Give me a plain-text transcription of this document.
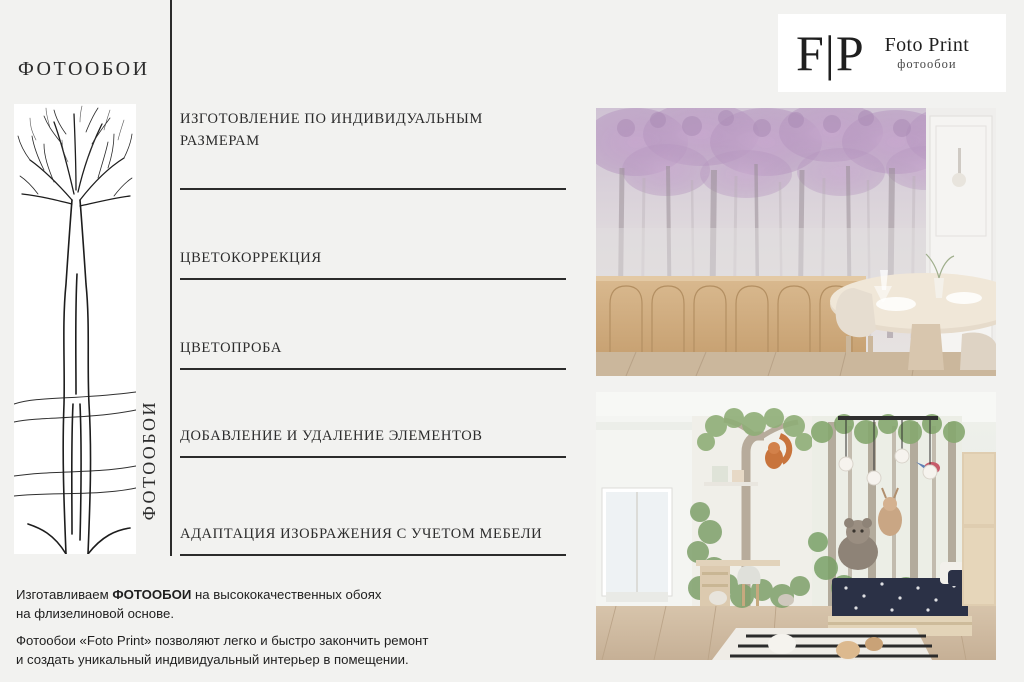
ФОТООБОИ
ФОТООБОИ
ИЗГОТОВЛЕНИЕ ПО ИНДИВИДУАЛЬНЫМ РАЗМЕРАМ
ЦВЕТОКОРРЕКЦИЯ
ЦВЕТОПРОБА
ДОБАВЛЕНИЕ И УДАЛЕНИЕ ЭЛЕМЕНТОВ
АДАПТАЦИЯ ИЗОБРАЖЕНИЯ С УЧЕТОМ МЕБЕЛИ
F|P Foto Print
фотообои

Изготавливаем ФОТООБОИ на высококачественных обоях

на флизелиновой основе.

Фотообои «Foto Print» позволяют легко и быстро закончить ремонт

и создать уникальный индивидуальный интерьер в помещении.
